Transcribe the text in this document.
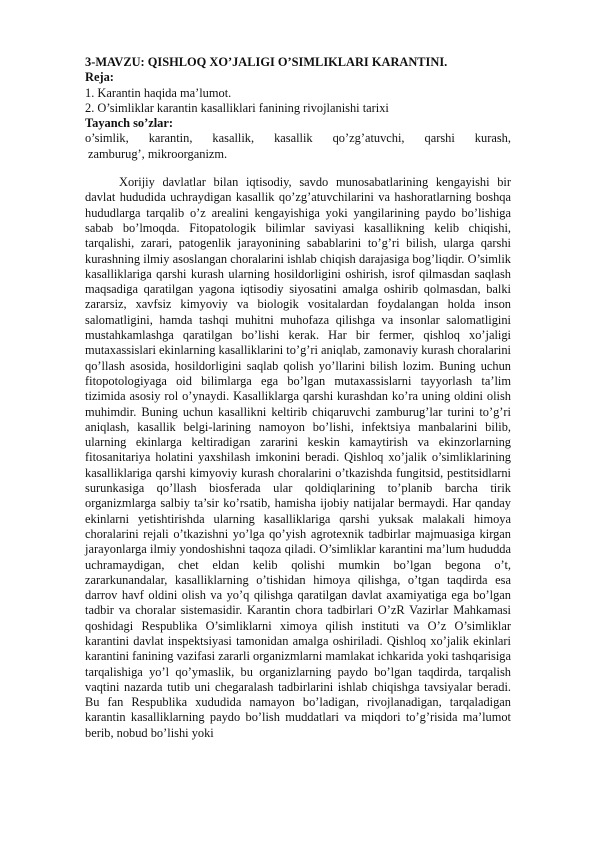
3-MAVZU: QISHLOQ XO’JALIGI O’SIMLIKLARI KARANTINI.
Reja:
1. Karantin haqida ma’lumot.
2. O’simliklar karantin kasalliklari fanining rivojlanishi tarixi
Tayanch so’zlar:
o’simlik, karantin, kasallik, kasallik qo’zg’atuvchi, qarshi kurash,
zamburug’, mikroorganizm.

Xorijiy davlatlar bilan iqtisodiy, savdo munosabatlarining kengayishi bir davlat hududida uchraydigan kasallik qo’zg’atuvchilarini va hashoratlarning boshqa hududlarga tarqalib o’z arealini kengayishiga yoki yangilarining paydo bo’lishiga sabab bo’lmoqda. Fitopatologik bilimlar saviyasi kasallikning kelib chiqishi, tarqalishi, zarari, patogenlik jarayonining sabablarini to’g’ri bilish, ularga qarshi kurashning ilmiy asoslangan choralarini ishlab chiqish darajasiga bog’liqdir. O’simlik kasalliklariga qarshi kurash ularning hosildorligini oshirish, isrof qilmasdan saqlash maqsadiga qaratilgan yagona iqtisodiy siyosatini amalga oshirib qolmasdan, balki zararsiz, xavfsiz kimyoviy va biologik vositalardan foydalangan holda inson salomatligini, hamda tashqi muhitni muhofaza qilishga va insonlar salomatligini mustahkamlashga qaratilgan bo’lishi kerak. Har bir fermer, qishloq xo’jaligi mutaxassislari ekinlarning kasalliklarini to’g’ri aniqlab, zamonaviy kurash choralarini qo’llash asosida, hosildorligini saqlab qolish yo’llarini bilish lozim. Buning uchun fitopotologiyaga oid bilimlarga ega bo’lgan mutaxassislarni tayyorlash ta’lim tizimida asosiy rol o’ynaydi. Kasalliklarga qarshi kurashdan ko’ra uning oldini olish muhimdir. Buning uchun kasallikni keltirib chiqaruvchi zamburug’lar turini to’g’ri aniqlash, kasallik belgi-larining namoyon bo’lishi, infektsiya manbalarini bilib, ularning ekinlarga keltiradigan zararini keskin kamaytirish va ekinzorlarning fitosanitariya holatini yaxshilash imkonini beradi. Qishloq xo’jalik o’simliklarining kasalliklariga qarshi kimyoviy kurash choralarini o’tkazishda fungitsid, pestitsidlarni surunkasiga qo’llash biosferada ular qoldiqlarining to’planib barcha tirik organizmlarga salbiy ta’sir ko’rsatib, hamisha ijobiy natijalar bermaydi. Har qanday ekinlarni yetishtirishda ularning kasalliklariga qarshi yuksak malakali himoya choralarini rejali o’tkazishni yo’lga qo’yish agrotexnik tadbirlar majmuasiga kirgan jarayonlarga ilmiy yondoshishni taqoza qiladi. O’simliklar karantini ma’lum hududda uchramaydigan, chet eldan kelib qolishi mumkin bo’lgan begona o’t, zararkunandalar, kasalliklarning o’tishidan himoya qilishga, o’tgan taqdirda esa darrov havf oldini olish va yo’q qilishga qaratilgan davlat axamiyatiga ega bo’lgan tadbir va choralar sistemasidir. Karantin chora tadbirlari O’zR Vazirlar Mahkamasi qoshidagi Respublika O’simliklarni ximoya qilish instituti va O’z O’simliklar karantini davlat inspektsiyasi tamonidan amalga oshiriladi. Qishloq xo’jalik ekinlari karantini fanining vazifasi zararli organizmlarni mamlakat ichkarida yoki tashqarisiga tarqalishiga yo’l qo’ymaslik, bu organizlarning paydo bo’lgan taqdirda, tarqalish vaqtini nazarda tutib uni chegaralash tadbirlarini ishlab chiqishga tavsiyalar beradi. Bu fan Respublika xududida namayon bo’ladigan, rivojlanadigan, tarqaladigan karantin kasalliklarning paydo bo’lish muddatlari va miqdori to’g’risida ma’lumot berib, nobud bo’lishi yoki
